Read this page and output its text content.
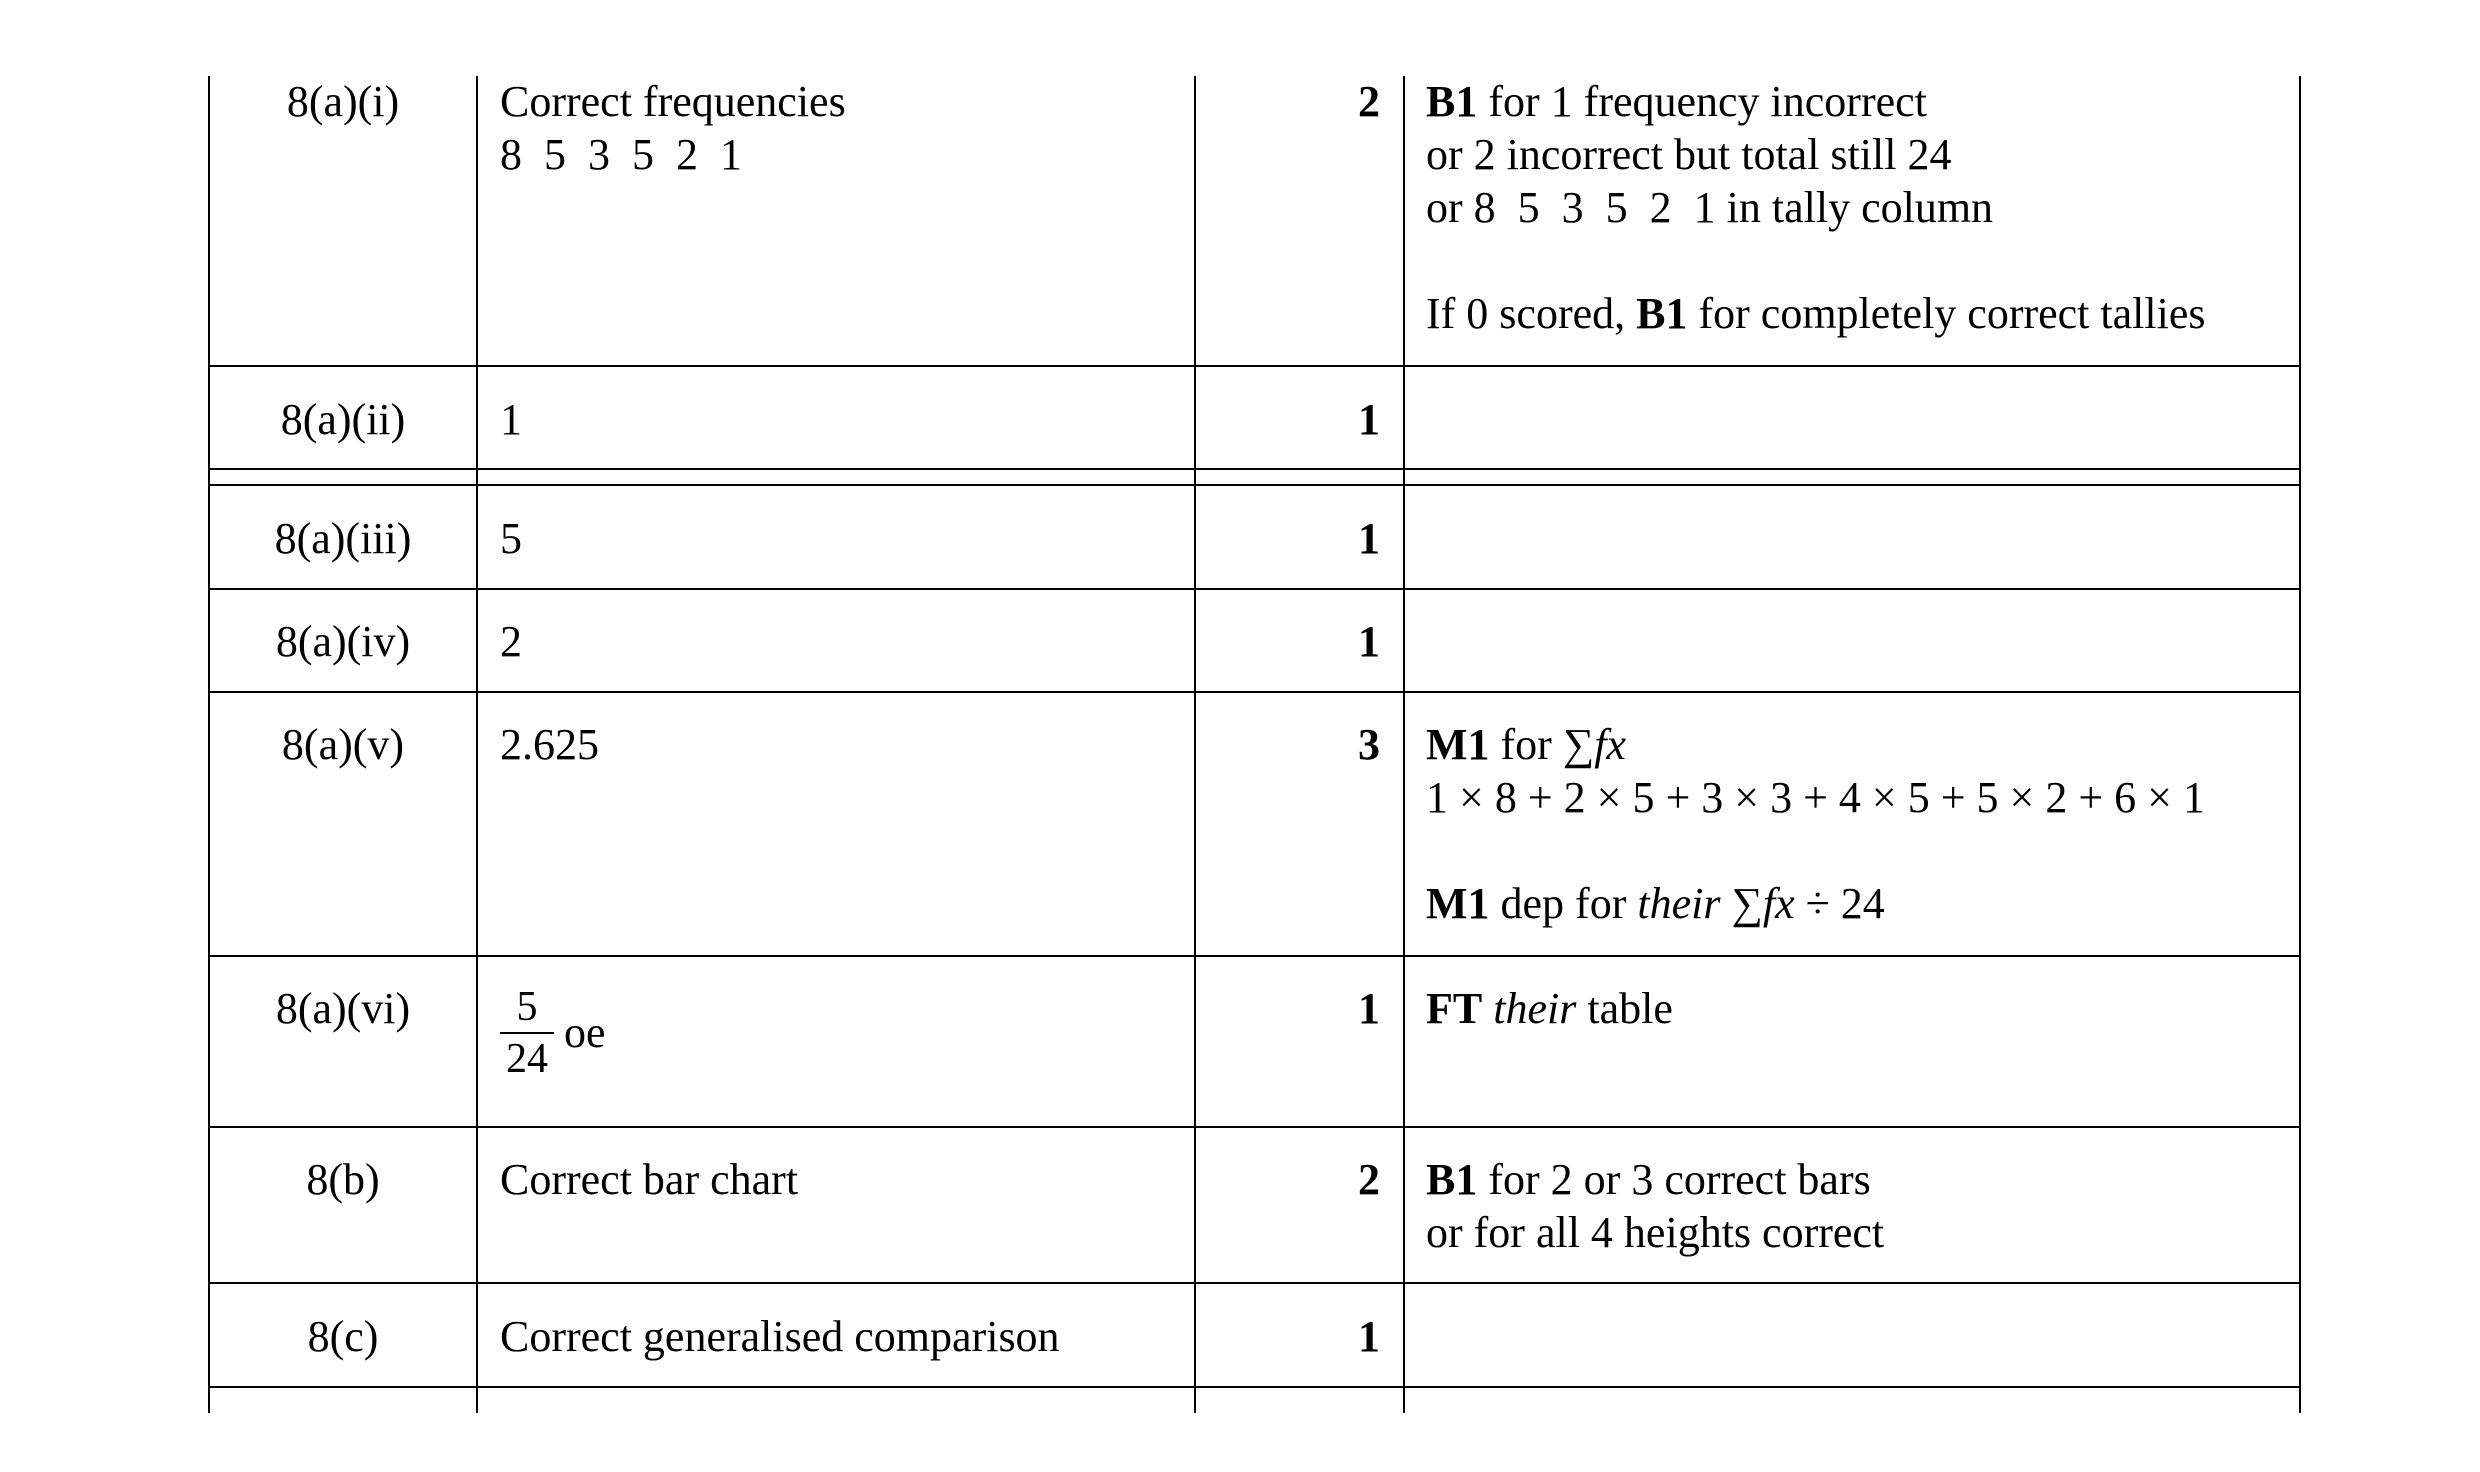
8(a)(i)	Correct frequencies
8  5  3  5  2  1
2 B1 for 1 frequency incorrect
or 2 incorrect but total still 24
or 8  5  3  5  2  1 in tally column
If 0 scored, B1 for completely correct tallies
8(a)(ii)	1	1
8(a)(iii)	5	1
8(a)(iv)	2	1
8(a)(v)	2.625	3 M1 for ∑fx
1 × 8 + 2 × 5 + 3 × 3 + 4 × 5 + 5 × 2 + 6 × 1
M1 dep for their ∑fx ÷ 24
8(a)(vi)	$\frac{5}{24}$ oe	1 FT their table
8(b)	Correct bar chart	2 B1 for 2 or 3 correct bars
or for all 4 heights correct
8(c)	Correct generalised comparison	1
